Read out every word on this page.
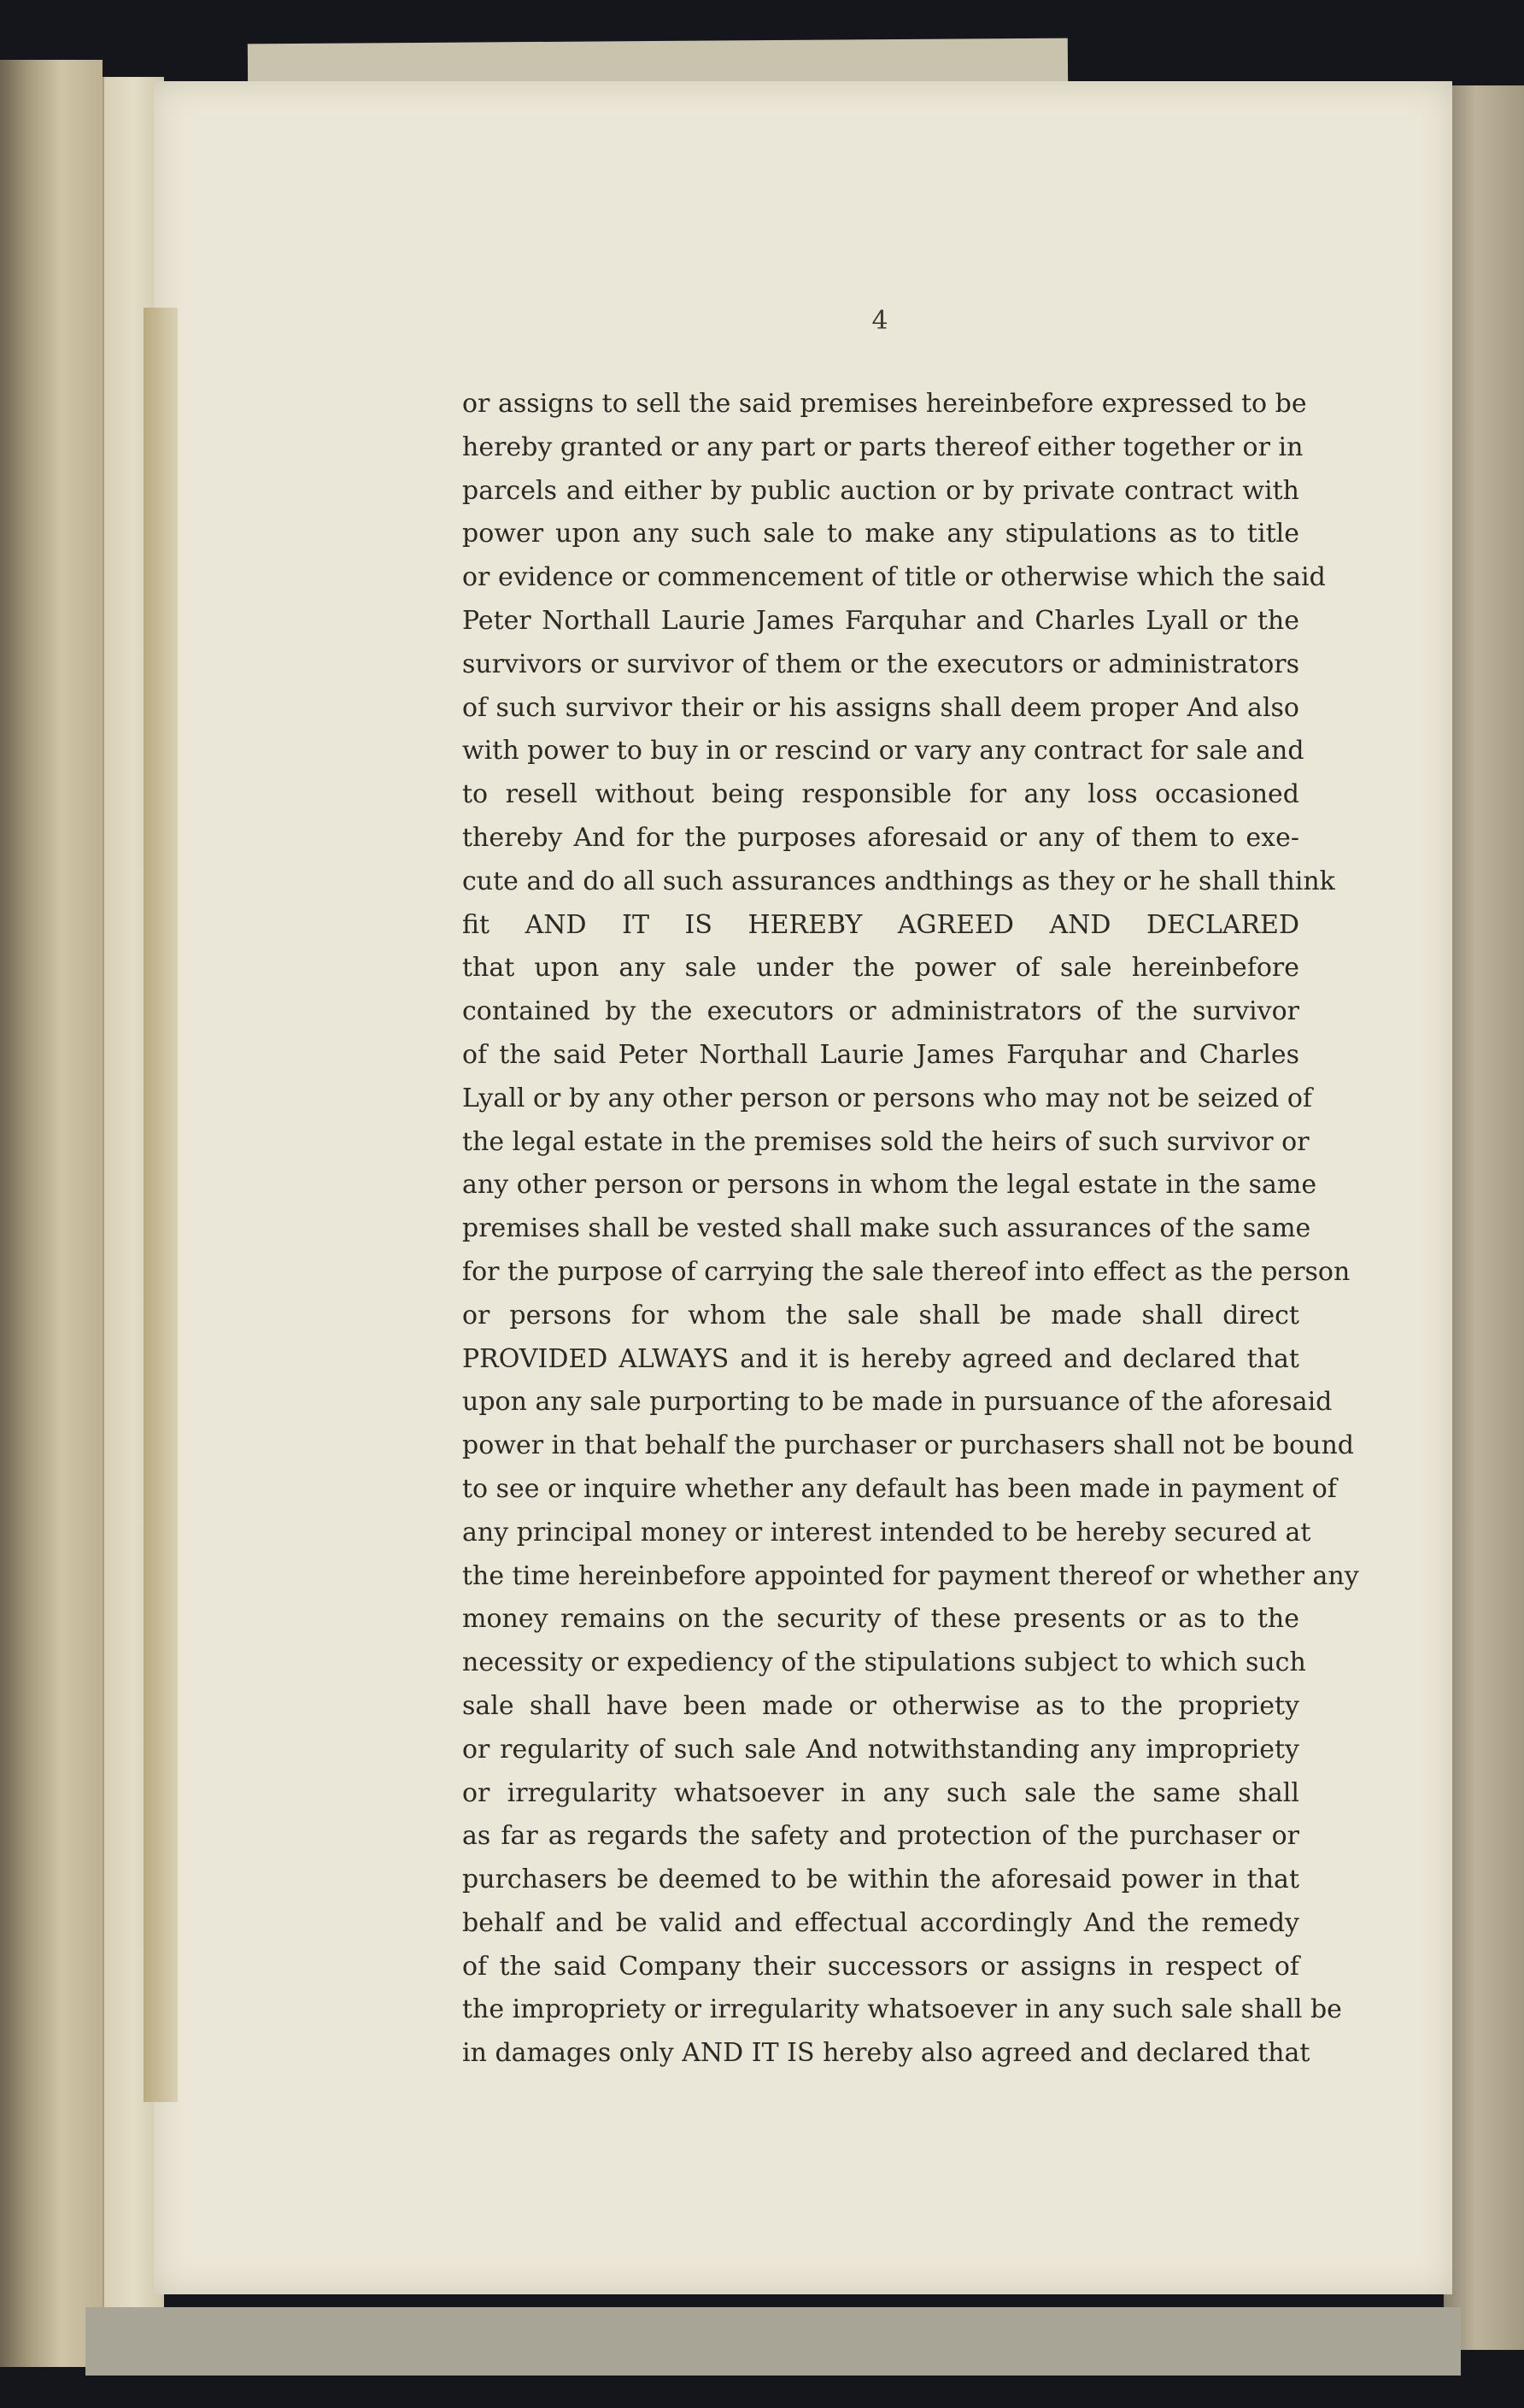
4
or assigns to sell the said premises hereinbefore expressed to be
hereby granted or any part or parts thereof either together or in
parcels and either by public auction or by private contract with
power upon any such sale to make any stipulations as to title
or evidence or commencement of title or otherwise which the said
Peter Northall Laurie James Farquhar and Charles Lyall or the
survivors or survivor of them or the executors or administrators
of such survivor their or his assigns shall deem proper And also
with power to buy in or rescind or vary any contract for sale and
to resell without being responsible for any loss occasioned
thereby And for the purposes aforesaid or any of them to exe-
cute and do all such assurances andthings as they or he shall think
fit AND IT IS HEREBY AGREED AND DECLARED
that upon any sale under the power of sale hereinbefore
contained by the executors or administrators of the survivor
of the said Peter Northall Laurie James Farquhar and Charles
Lyall or by any other person or persons who may not be seized of
the legal estate in the premises sold the heirs of such survivor or
any other person or persons in whom the legal estate in the same
premises shall be vested shall make such assurances of the same
for the purpose of carrying the sale thereof into effect as the person
or persons for whom the sale shall be made shall direct
PROVIDED ALWAYS and it is hereby agreed and declared that
upon any sale purporting to be made in pursuance of the aforesaid
power in that behalf the purchaser or purchasers shall not be bound
to see or inquire whether any default has been made in payment of
any principal money or interest intended to be hereby secured at
the time hereinbefore appointed for payment thereof or whether any
money remains on the security of these presents or as to the
necessity or expediency of the stipulations subject to which such
sale shall have been made or otherwise as to the propriety
or regularity of such sale And notwithstanding any impropriety
or irregularity whatsoever in any such sale the same shall
as far as regards the safety and protection of the purchaser or
purchasers be deemed to be within the aforesaid power in that
behalf and be valid and effectual accordingly And the remedy
of the said Company their successors or assigns in respect of
the impropriety or irregularity whatsoever in any such sale shall be
in damages only AND IT IS hereby also agreed and declared that
